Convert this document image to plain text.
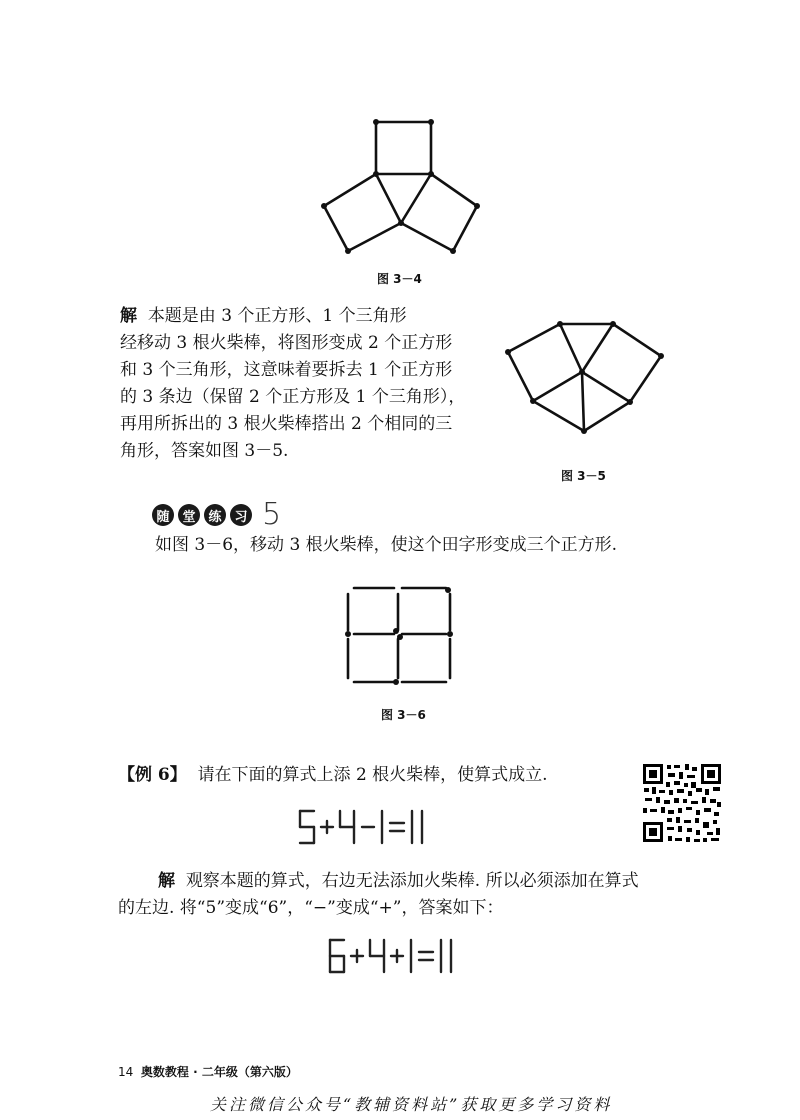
图 3－4
解 本题是由 3 个正方形、1 个三角形
经移动 3 根火柴棒，将图形变成 2 个正方形
和 3 个三角形，这意味着要拆去 1 个正方形
的 3 条边（保留 2 个正方形及 1 个三角形），
再用所拆出的 3 根火柴棒搭出 2 个相同的三
角形，答案如图 3－5.
图 3－5
随 堂 练 习 5
如图 3－6，移动 3 根火柴棒，使这个田字形变成三个正方形.
图 3－6
【例 6】 请在下面的算式上添 2 根火柴棒，使算式成立.
解 观察本题的算式，右边无法添加火柴棒. 所以必须添加在算式
的左边. 将“5”变成“6”，“−”变成“+”，答案如下：
14 奥数教程 · 二年级（第六版）
关注微信公众号“教辅资料站”获取更多学习资料
